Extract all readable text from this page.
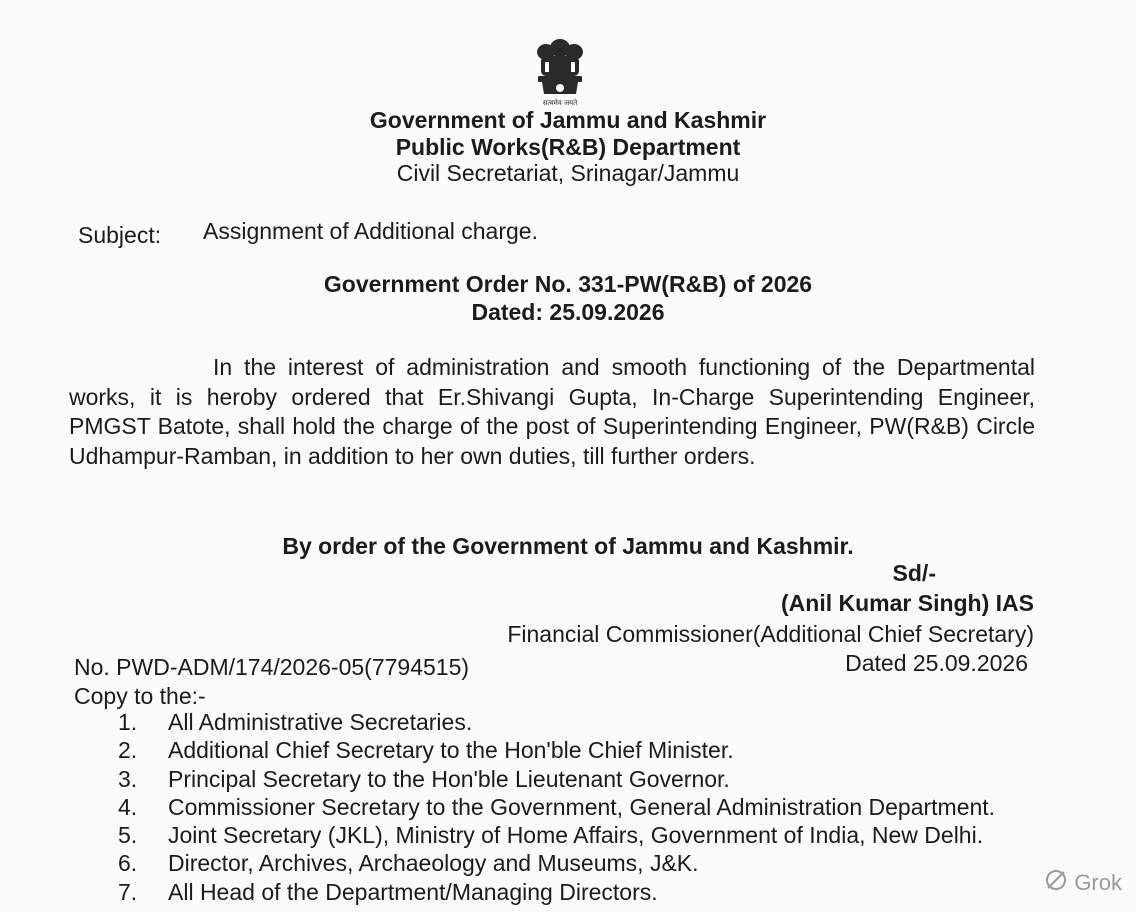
सत्यमेव जयते
Government of Jammu and Kashmir
Public Works(R&B) Department
Civil Secretariat, Srinagar/Jammu
Subject: Assignment of Additional charge.
Government Order No. 331-PW(R&B) of 2026
Dated: 25.09.2026
In the interest of administration and smooth functioning of the Departmental works, it is heroby ordered that Er.Shivangi Gupta, In-Charge Superintending Engineer, PMGST Batote, shall hold the charge of the post of Superintending Engineer, PW(R&B) Circle Udhampur-Ramban, in addition to her own duties, till further orders.
By order of the Government of Jammu and Kashmir.
Sd/-
(Anil Kumar Singh) IAS
Financial Commissioner(Additional Chief Secretary)
Dated 25.09.2026
No. PWD-ADM/174/2026-05(7794515)
Copy to the:-
1. All Administrative Secretaries.
2. Additional Chief Secretary to the Hon'ble Chief Minister.
3. Principal Secretary to the Hon'ble Lieutenant Governor.
4. Commissioner Secretary to the Government, General Administration Department.
5. Joint Secretary (JKL), Ministry of Home Affairs, Government of India, New Delhi.
6. Director, Archives, Archaeology and Museums, J&K.
7. All Head of the Department/Managing Directors.	Grok
